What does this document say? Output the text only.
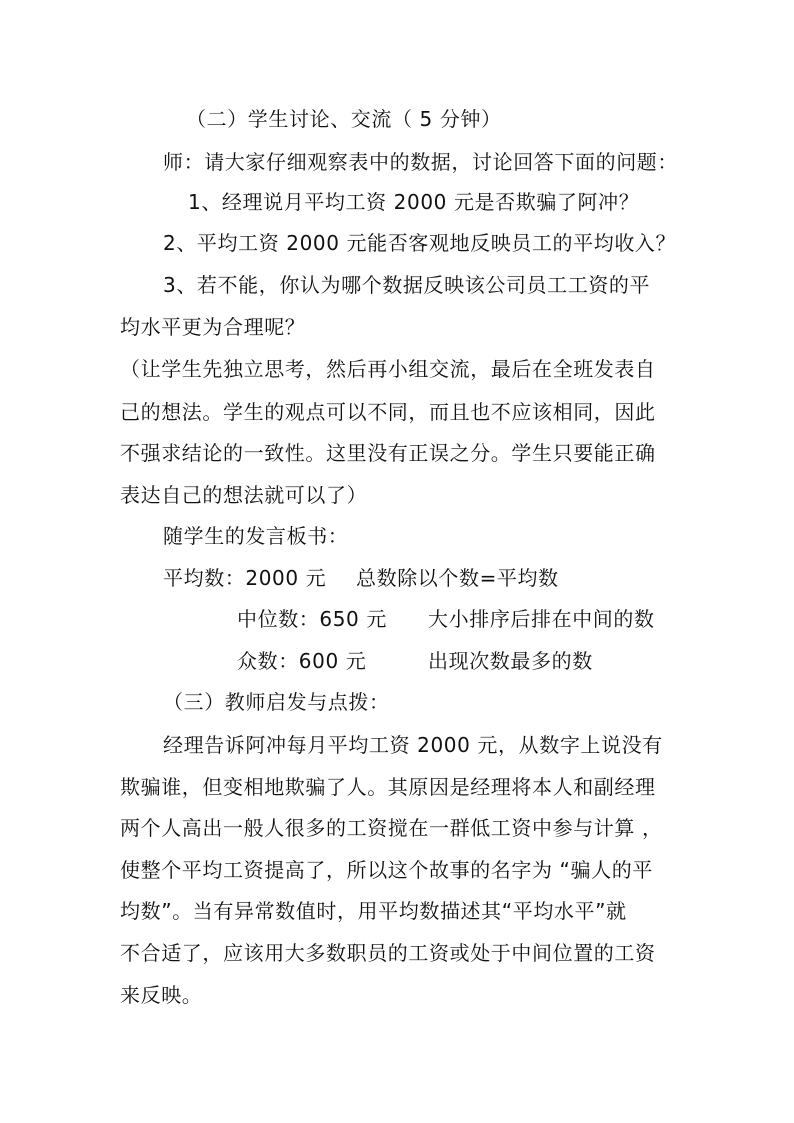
（二）学生讨论、交流（ 5 分钟）
师：请大家仔细观察表中的数据，讨论回答下面的问题：
1、经理说月平均工资 2000 元是否欺骗了阿冲？
2、平均工资 2000 元能否客观地反映员工的平均收入？
3、若不能，你认为哪个数据反映该公司员工工资的平
均水平更为合理呢？
（让学生先独立思考，然后再小组交流，最后在全班发表自
己的想法。学生的观点可以不同，而且也不应该相同，因此
不强求结论的一致性。这里没有正误之分。学生只要能正确
表达自己的想法就可以了）
随学生的发言板书：
平均数：2000 元 总数除以个数=平均数
中位数：650 元 大小排序后排在中间的数
众数：600 元	出现次数最多的数
（三）教师启发与点拨：
经理告诉阿冲每月平均工资 2000 元，从数字上说没有
欺骗谁，但变相地欺骗了人。其原因是经理将本人和副经理
两个人高出一般人很多的工资搅在一群低工资中参与计算 ，
使整个平均工资提高了，所以这个故事的名字为 “骗人的平
均数”。当有异常数值时，用平均数描述其“平均水平”就
不合适了，应该用大多数职员的工资或处于中间位置的工资
来反映。
